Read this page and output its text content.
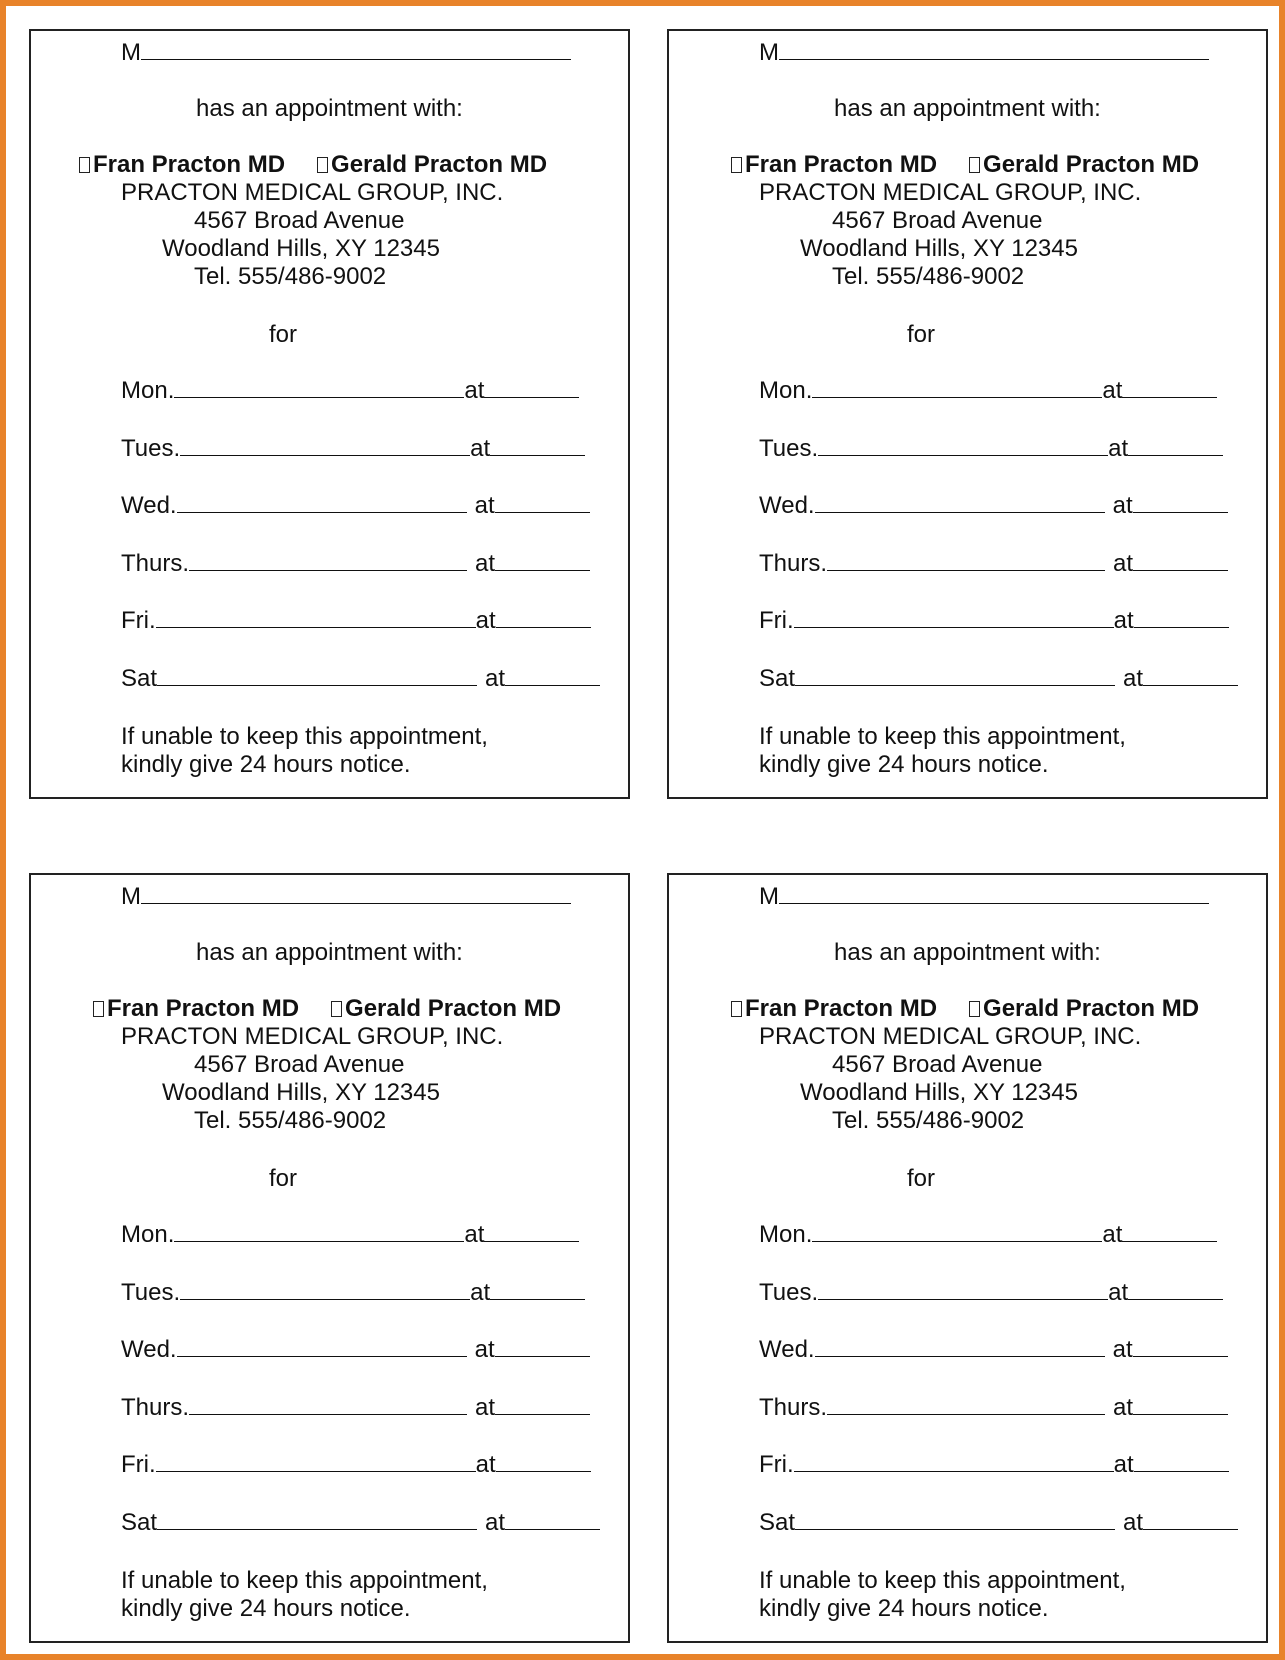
M
has an appointment with:
Fran Practon MD Gerald Practon MD
PRACTON MEDICAL GROUP, INC.
4567 Broad Avenue
Woodland Hills, XY 12345
Tel. 555/486-9002
for
Mon.	at
Tues.	at
Wed.	at
Thurs.	at
Fri.	at
Sat	at
If unable to keep this appointment,
kindly give 24 hours notice.
M
has an appointment with:
Fran Practon MD Gerald Practon MD
PRACTON MEDICAL GROUP, INC.
4567 Broad Avenue
Woodland Hills, XY 12345
Tel. 555/486-9002
for
Mon.	at
Tues.	at
Wed.	at
Thurs.	at
Fri.	at
Sat	at
If unable to keep this appointment,
kindly give 24 hours notice.
M
has an appointment with:
Fran Practon MD Gerald Practon MD
PRACTON MEDICAL GROUP, INC.
4567 Broad Avenue
Woodland Hills, XY 12345
Tel. 555/486-9002
for
Mon.	at
Tues.	at
Wed.	at
Thurs.	at
Fri.	at
Sat	at
If unable to keep this appointment,
kindly give 24 hours notice.
M
has an appointment with:
Fran Practon MD Gerald Practon MD
PRACTON MEDICAL GROUP, INC.
4567 Broad Avenue
Woodland Hills, XY 12345
Tel. 555/486-9002
for
Mon.	at
Tues.	at
Wed.	at
Thurs.	at
Fri.	at
Sat	at
If unable to keep this appointment,
kindly give 24 hours notice.
